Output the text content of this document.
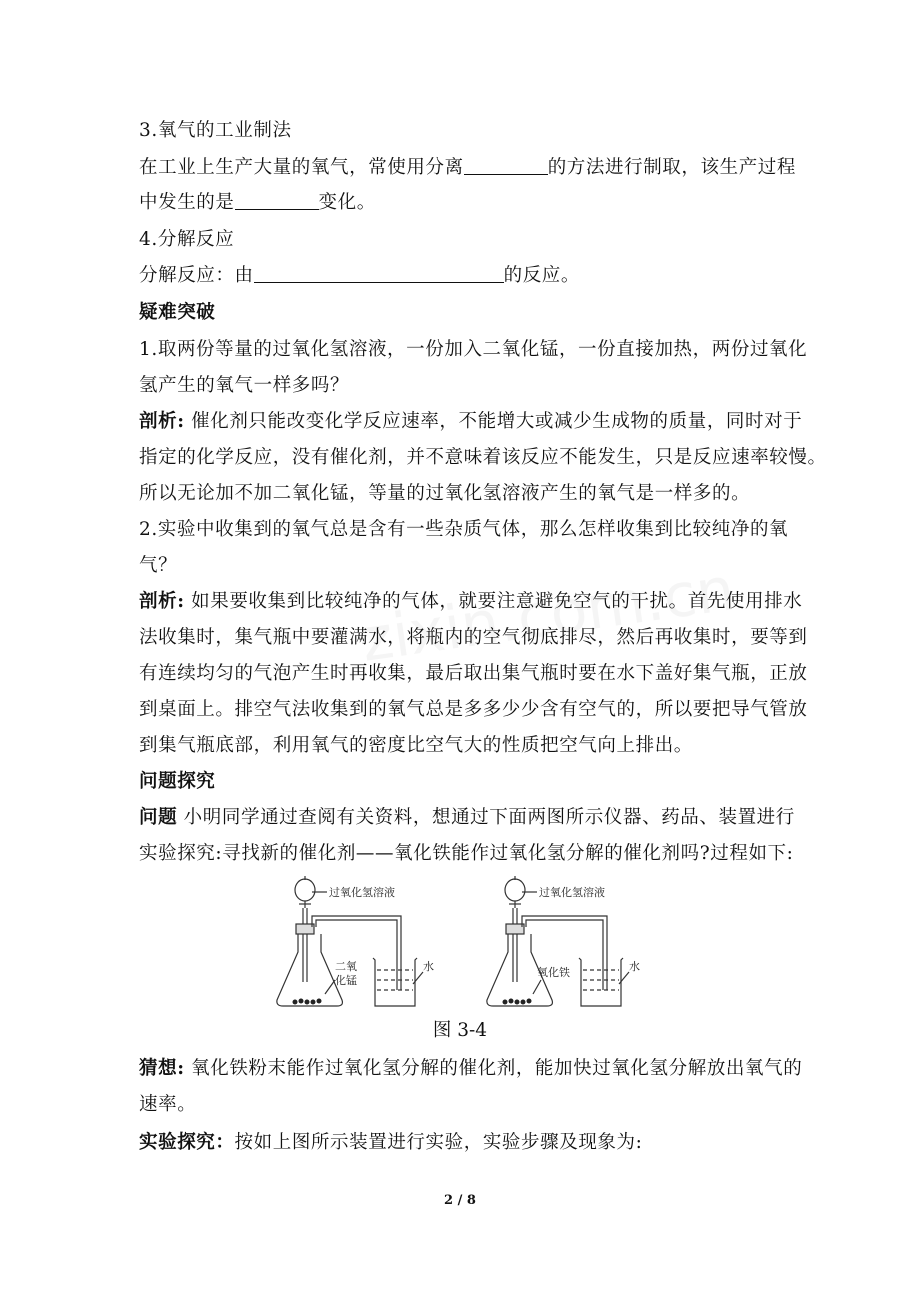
3.氧气的工业制法
在工业上生产大量的氧气，常使用分离	的方法进行制取，该生产过程
中发生的是	变化。
4.分解反应
分解反应：由	的反应。
疑难突破
1.取两份等量的过氧化氢溶液，一份加入二氧化锰，一份直接加热，两份过氧化
氢产生的氧气一样多吗？
剖析: 催化剂只能改变化学反应速率，不能增大或减少生成物的质量，同时对于
指定的化学反应，没有催化剂，并不意味着该反应不能发生，只是反应速率较慢。
所以无论加不加二氧化锰，等量的过氧化氢溶液产生的氧气是一样多的。
2.实验中收集到的氧气总是含有一些杂质气体，那么怎样收集到比较纯净的氧
气？
剖析: 如果要收集到比较纯净的气体，就要注意避免空气的干扰。首先使用排水
法收集时，集气瓶中要灌满水，将瓶内的空气彻底排尽，然后再收集时，要等到
有连续均匀的气泡产生时再收集，最后取出集气瓶时要在水下盖好集气瓶，正放
到桌面上。排空气法收集到的氧气总是多多少少含有空气的，所以要把导气管放
到集气瓶底部，利用氧气的密度比空气大的性质把空气向上排出。
问题探究
问题 小明同学通过查阅有关资料，想通过下面两图所示仪器、药品、装置进行
实验探究:寻找新的催化剂——氧化铁能作过氧化氢分解的催化剂吗?过程如下:
过氧化氢溶液
二氧
化锰
水
过氧化氢溶液
氧化铁	水
图 3-4
猜想: 氧化铁粉末能作过氧化氢分解的催化剂，能加快过氧化氢分解放出氧气的
速率。
实验探究：按如上图所示装置进行实验，实验步骤及现象为:
2 / 8
